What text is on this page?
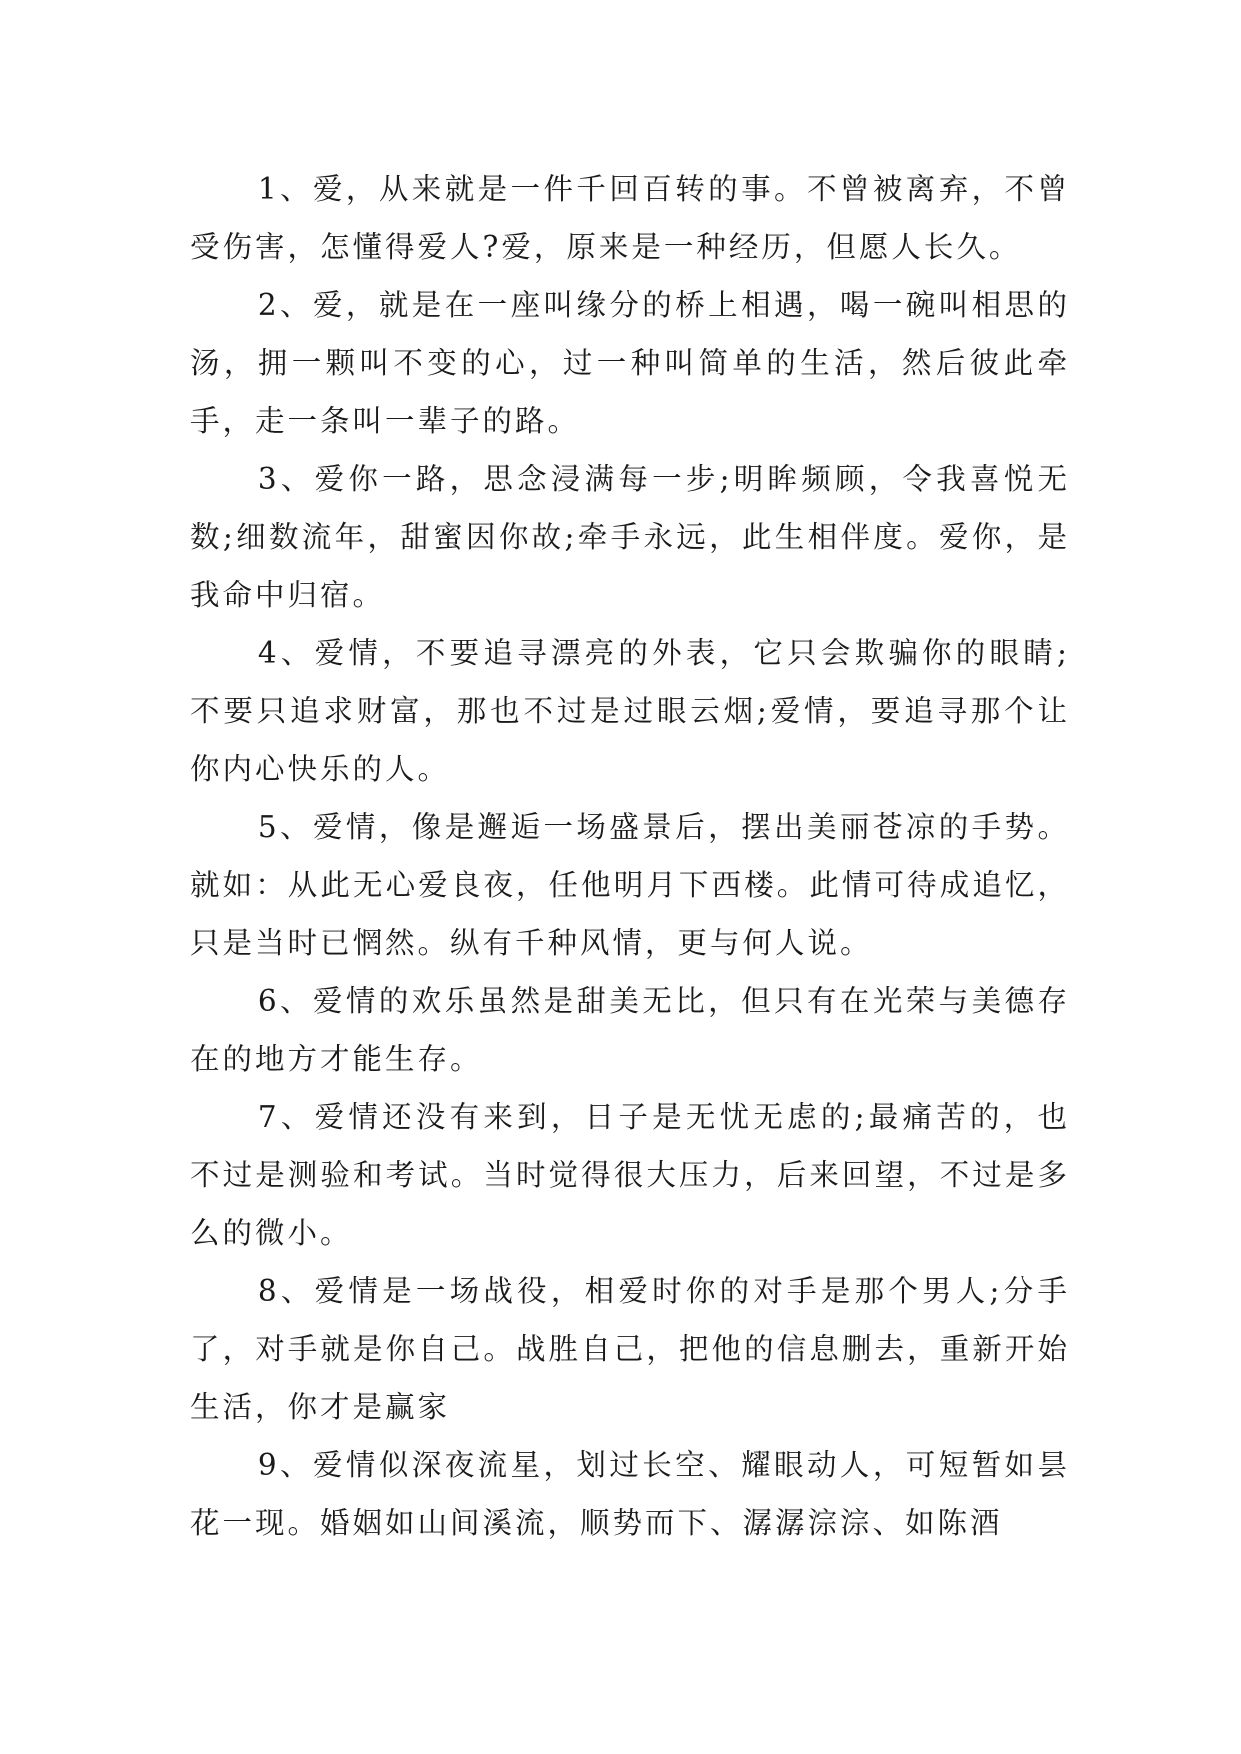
1、爱，从来就是一件千回百转的事。不曾被离弃，不曾受伤害，怎懂得爱人?爱，原来是一种经历，但愿人长久。

2、爱，就是在一座叫缘分的桥上相遇，喝一碗叫相思的汤，拥一颗叫不变的心，过一种叫简单的生活，然后彼此牵手，走一条叫一辈子的路。

3、爱你一路，思念浸满每一步;明眸频顾，令我喜悦无数;细数流年，甜蜜因你故;牵手永远，此生相伴度。爱你，是我命中归宿。

4、爱情，不要追寻漂亮的外表，它只会欺骗你的眼睛;不要只追求财富，那也不过是过眼云烟;爱情，要追寻那个让你内心快乐的人。

5、爱情，像是邂逅一场盛景后，摆出美丽苍凉的手势。就如：从此无心爱良夜，任他明月下西楼。此情可待成追忆，只是当时已惘然。纵有千种风情，更与何人说。

6、爱情的欢乐虽然是甜美无比，但只有在光荣与美德存在的地方才能生存。

7、爱情还没有来到，日子是无忧无虑的;最痛苦的，也不过是测验和考试。当时觉得很大压力，后来回望，不过是多么的微小。

8、爱情是一场战役，相爱时你的对手是那个男人;分手了，对手就是你自己。战胜自己，把他的信息删去，重新开始生活，你才是赢家

9、爱情似深夜流星，划过长空、耀眼动人，可短暂如昙花一现。婚姻如山间溪流，顺势而下、潺潺淙淙、如陈酒
